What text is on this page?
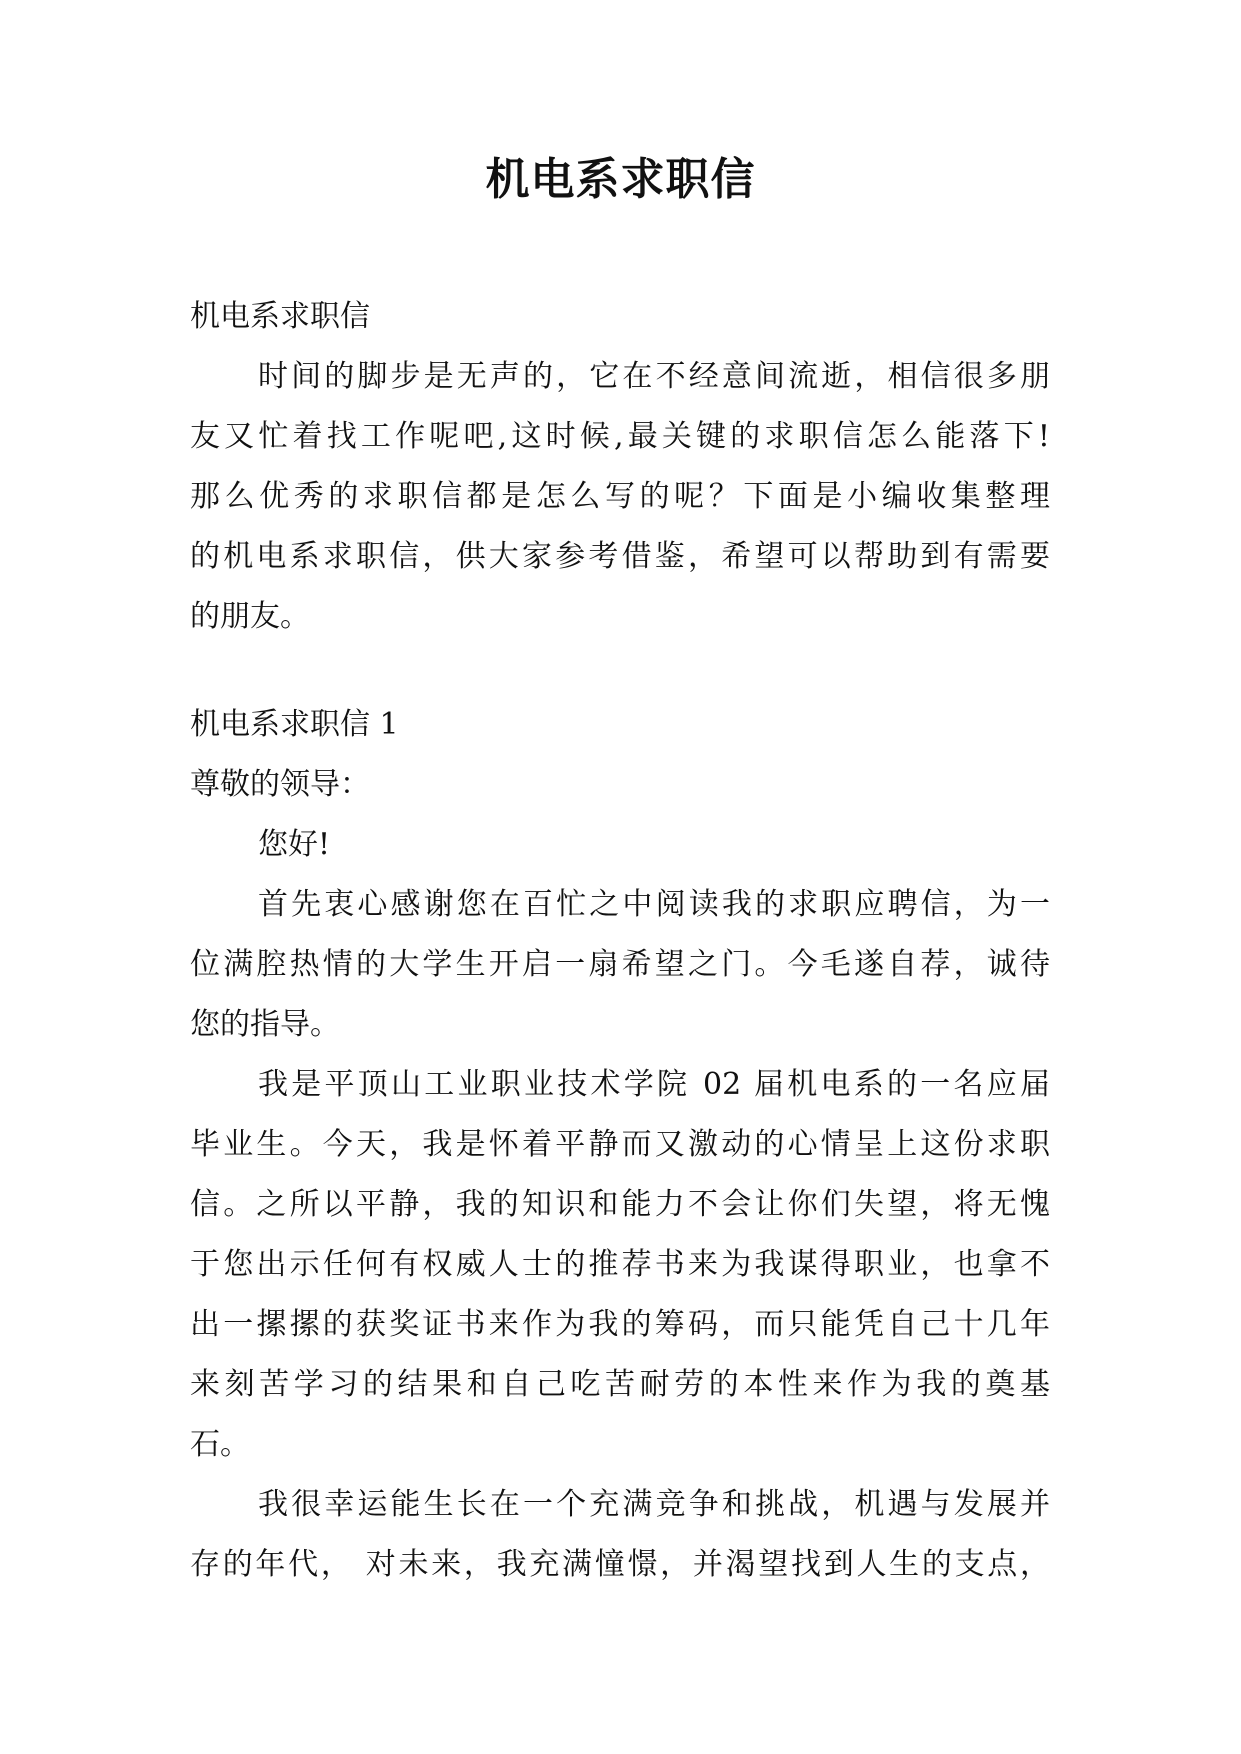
机电系求职信
机电系求职信
时间的脚步是无声的，它在不经意间流逝，相信很多朋
友又忙着找工作呢吧,这时候,最关键的求职信怎么能落下!
那么优秀的求职信都是怎么写的呢？下面是小编收集整理
的机电系求职信，供大家参考借鉴，希望可以帮助到有需要
的朋友。
机电系求职信 1
尊敬的领导：
您好!
首先衷心感谢您在百忙之中阅读我的求职应聘信，为一
位满腔热情的大学生开启一扇希望之门。今毛遂自荐，诚待
您的指导。
我是平顶山工业职业技术学院 02 届机电系的一名应届
毕业生。今天，我是怀着平静而又激动的心情呈上这份求职
信。之所以平静，我的知识和能力不会让你们失望，将无愧
于您出示任何有权威人士的推荐书来为我谋得职业，也拿不
出一摞摞的获奖证书来作为我的筹码，而只能凭自己十几年
来刻苦学习的结果和自己吃苦耐劳的本性来作为我的奠基
石。
我很幸运能生长在一个充满竞争和挑战，机遇与发展并
存的年代， 对未来，我充满憧憬，并渴望找到人生的支点，
